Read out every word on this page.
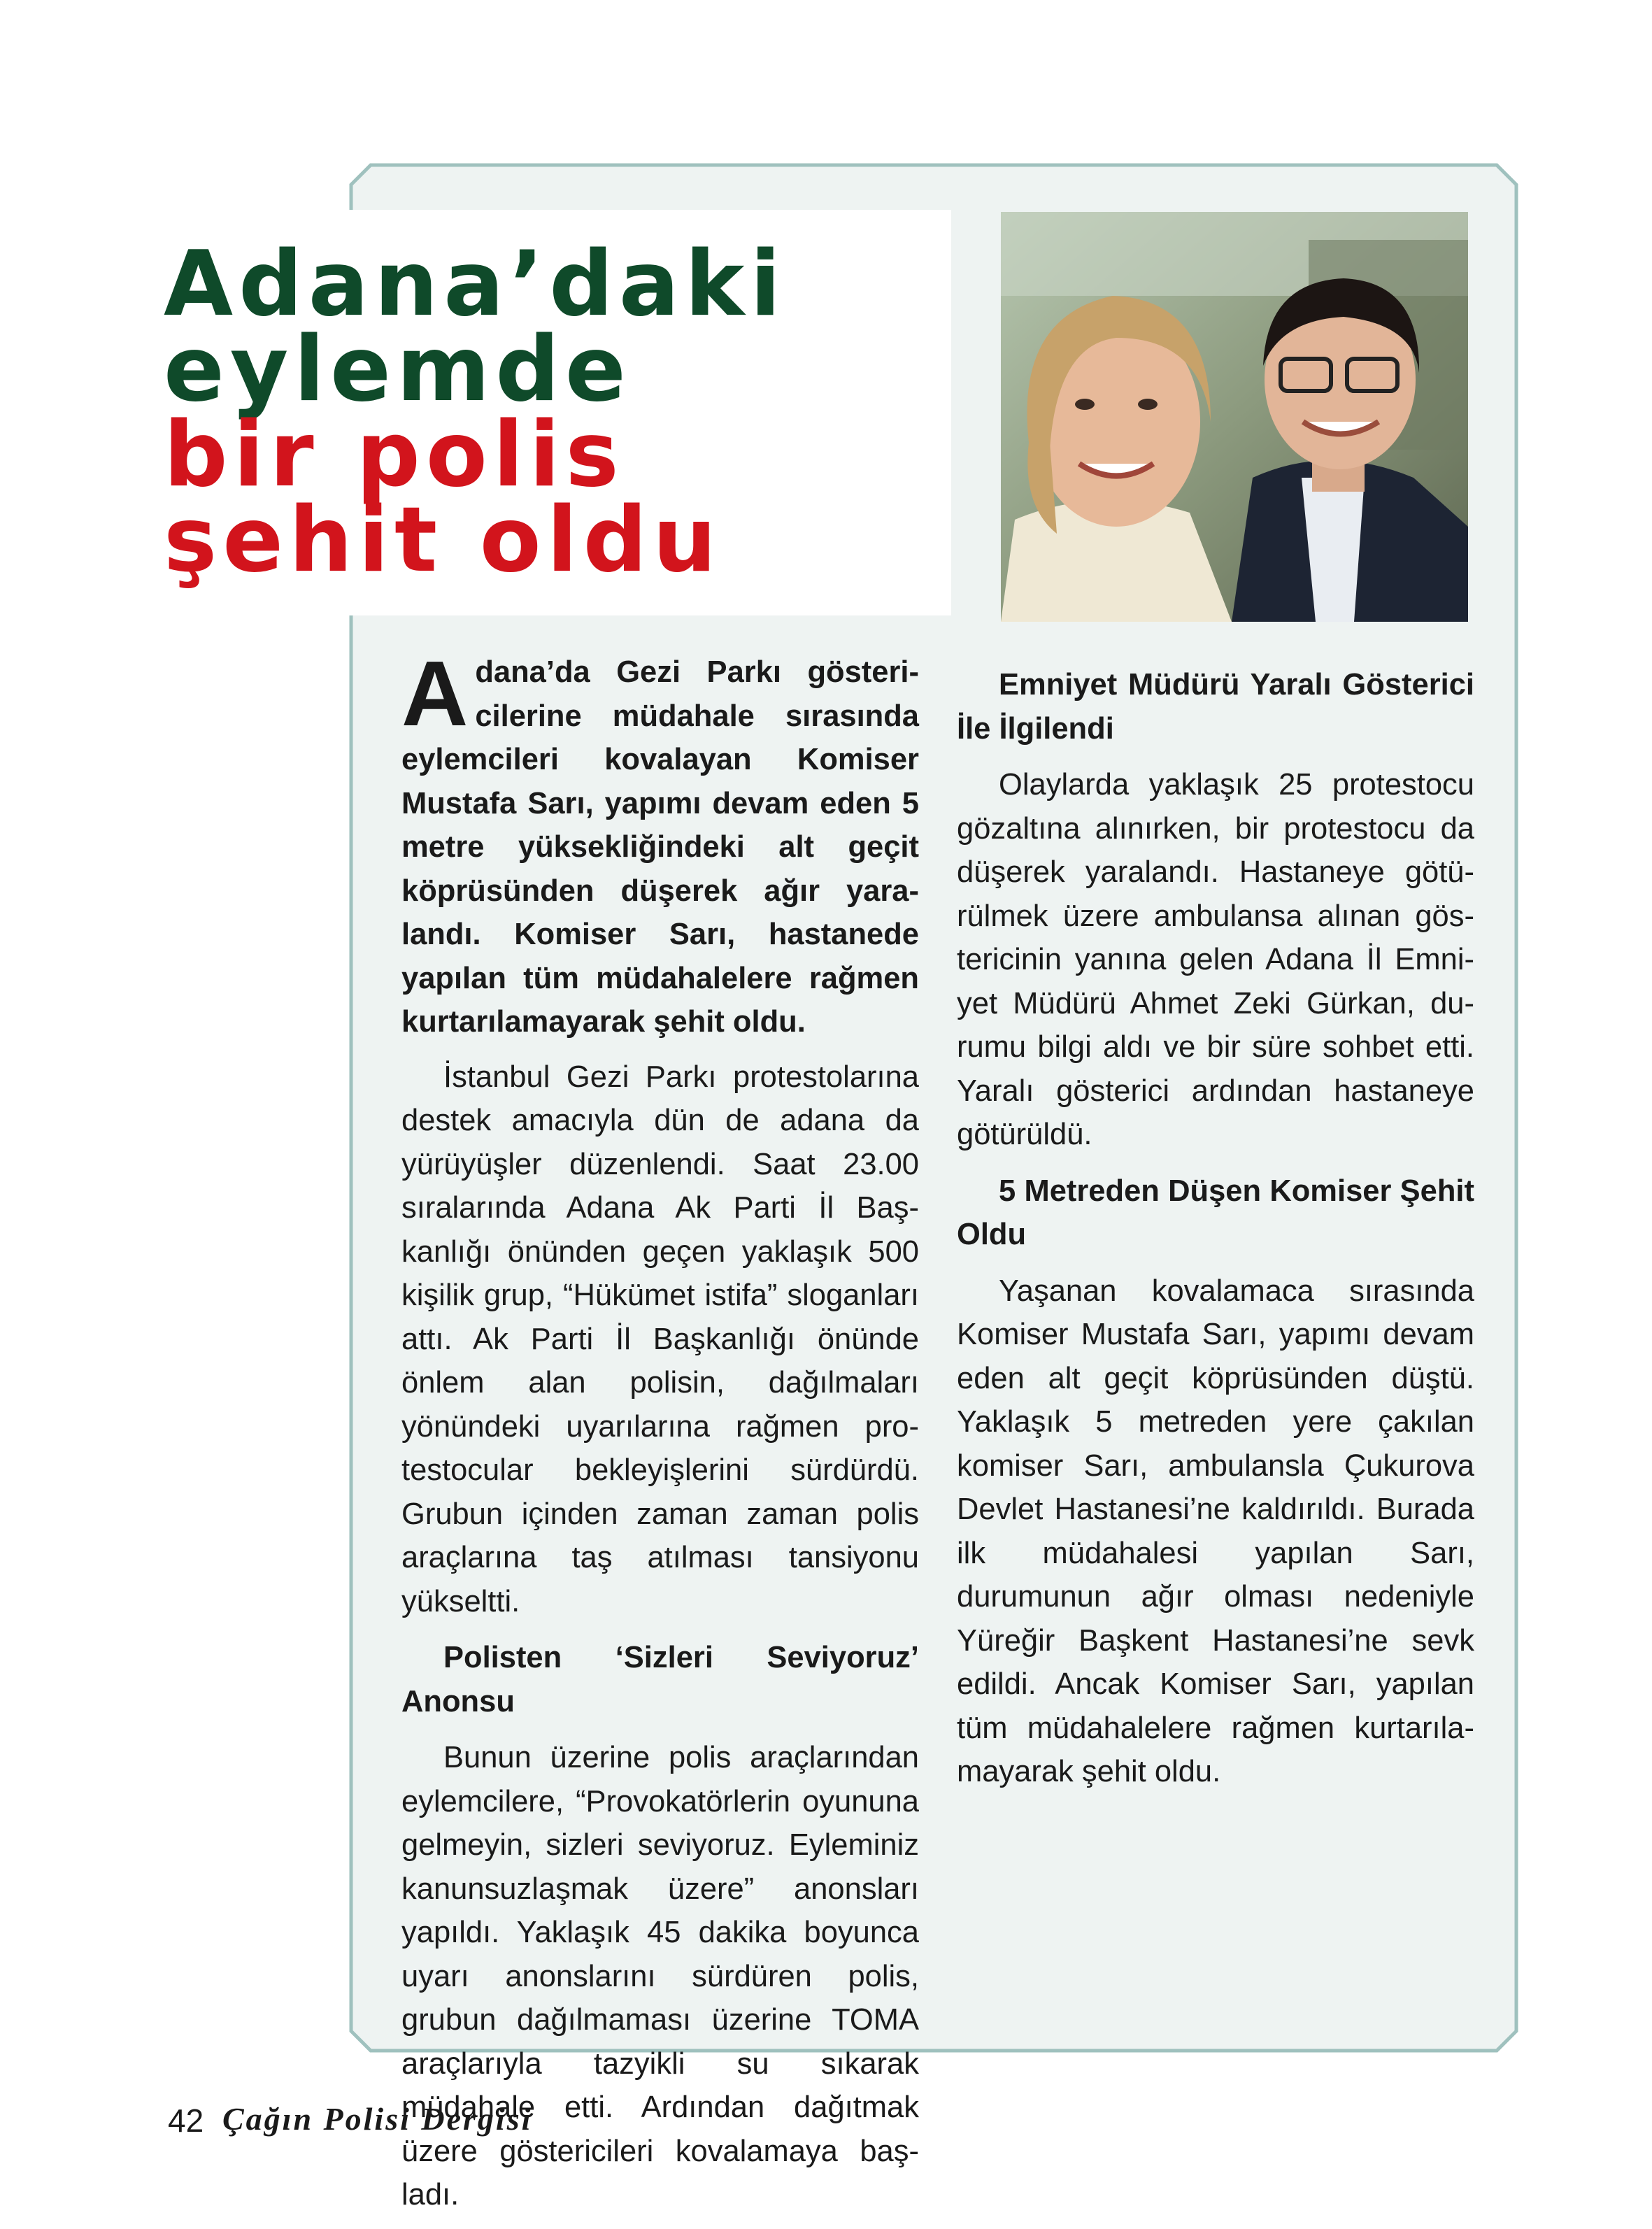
Adana’daki
eylemde
bir polis
şehit oldu

Adana’da Gezi Parkı göstericilerine müdahale sırasında eylemcileri kovalayan Komiser Mustafa Sarı, yapımı devam eden 5 metre yüksekliğindeki alt geçit köprüsünden düşerek ağır yaralandı. Komiser Sarı, hastanede yapılan tüm müdahalelere rağmen kurtarılamayarak şehit oldu.

İstanbul Gezi Parkı protestolarına destek amacıyla dün de adana da yürüyüşler düzenlendi. Saat 23.00 sıralarında Adana Ak Parti İl Başkanlığı önünden geçen yaklaşık 500 kişilik grup, “Hükümet istifa” sloganları attı. Ak Parti İl Başkanlığı önünde önlem alan polisin, dağılmaları yönündeki uyarılarına rağmen protestocular bekleyişlerini sürdürdü. Grubun içinden zaman zaman polis araçlarına taş atılması tansiyonu yükseltti.

Polisten ‘Sizleri Seviyoruz’ Anonsu

Bunun üzerine polis araçlarından eylemcilere, “Provokatörlerin oyununa gelmeyin, sizleri seviyoruz. Eyleminiz kanunsuzlaşmak üzere” anonsları yapıldı. Yaklaşık 45 dakika boyunca uyarı anonslarını sürdüren polis, grubun dağılmaması üzerine TOMA araçlarıyla tazyikli su sıkarak müdahale etti. Ardından dağıtmak üzere göstericileri kovalamaya başladı.

Emniyet Müdürü Yaralı Gösterici İle İlgilendi

Olaylarda yaklaşık 25 protestocu gözaltına alınırken, bir protestocu da düşerek yaralandı. Hastaneye götürülmek üzere ambulansa alınan göstericinin yanına gelen Adana İl Emniyet Müdürü Ahmet Zeki Gürkan, durumu bilgi aldı ve bir süre sohbet etti. Yaralı gösterici ardından hastaneye götürüldü.

5 Metreden Düşen Komiser Şehit Oldu

Yaşanan kovalamaca sırasında Komiser Mustafa Sarı, yapımı devam eden alt geçit köprüsünden düştü. Yaklaşık 5 metreden yere çakılan komiser Sarı, ambulansla Çukurova Devlet Hastanesi’ne kaldırıldı. Burada ilk müdahalesi yapılan Sarı, durumunun ağır olması nedeniyle Yüreğir Başkent Hastanesi’ne sevk edildi. Ancak Komiser Sarı, yapılan tüm müdahalelere rağmen kurtarılamayarak şehit oldu.

42 Çağın Polisi Dergisi
